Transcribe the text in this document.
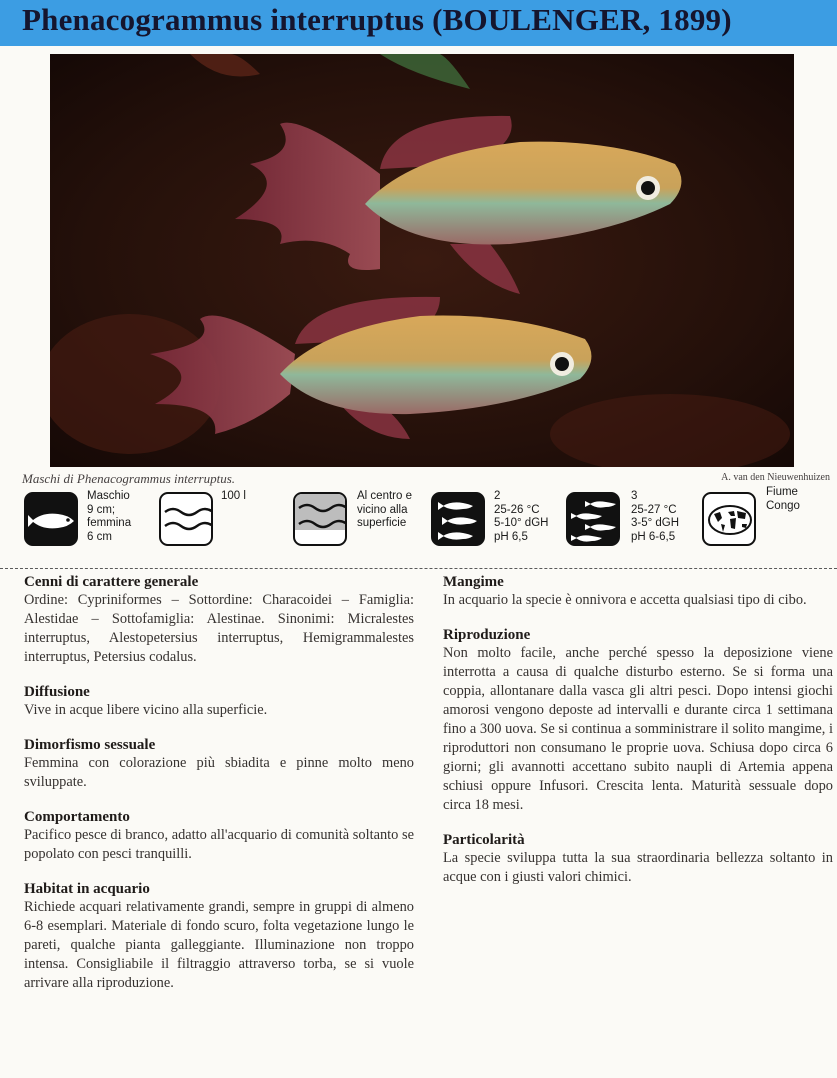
Phenacogrammus interruptus (BOULENGER, 1899)
Maschi di Phenacogrammus interruptus.	A. van den Nieuwenhuizen
Maschio
9 cm;
femmina
6 cm
100 l	Al centro e
vicino alla
superficie
2
25-26 °C
5-10° dGH
pH 6,5
3
25-27 °C
3-5° dGH
pH 6-6,5
Fiume
Congo
Cenni di carattere generale

Ordine: Cypriniformes – Sottordine: Characoidei – Famiglia: Alestidae – Sottofamiglia: Alestinae. Sinonimi: Micralestes interruptus, Alestopetersius interruptus, Hemigrammalestes interruptus, Petersius codalus.

Diffusione

Vive in acque libere vicino alla superficie.

Dimorfismo sessuale

Femmina con colorazione più sbiadita e pinne molto meno sviluppate.

Comportamento

Pacifico pesce di branco, adatto all'acquario di comunità soltanto se popolato con pesci tranquilli.

Habitat in acquario

Richiede acquari relativamente grandi, sempre in gruppi di almeno 6-8 esemplari. Materiale di fondo scuro, folta vegetazione lungo le pareti, qualche pianta galleggiante. Illuminazione non troppo intensa. Consigliabile il filtraggio attraverso torba, se si vuole arrivare alla riproduzione.

Mangime

In acquario la specie è onnivora e accetta qualsiasi tipo di cibo.

Riproduzione

Non molto facile, anche perché spesso la deposizione viene interrotta a causa di qualche disturbo esterno. Se si forma una coppia, allontanare dalla vasca gli altri pesci. Dopo intensi giochi amorosi vengono deposte ad intervalli e durante circa 1 settimana fino a 300 uova. Se si continua a somministrare il solito mangime, i riproduttori non consumano le proprie uova. Schiusa dopo circa 6 giorni; gli avannotti accettano subito naupli di Artemia appena schiusi oppure Infusori. Crescita lenta. Maturità sessuale dopo circa 18 mesi.

Particolarità

La specie sviluppa tutta la sua straordinaria bellezza soltanto in acque con i giusti valori chimici.
